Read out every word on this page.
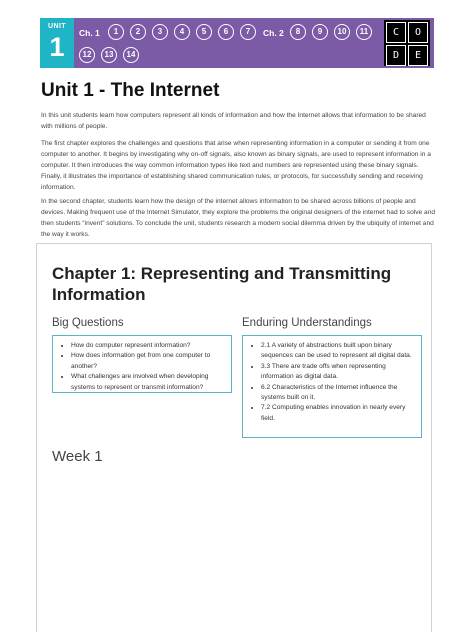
UNIT
1	Ch. 1	1	2	3	4	5	6	7	Ch. 2	8	9	10	11
12	13	14
C	O
D	E
Unit 1 - The Internet

In this unit students learn how computers represent all kinds of information and how the Internet allows that information to be shared with millions of people.

The first chapter explores the challenges and questions that arise when representing information in a computer or sending it from one computer to another. It begins by investigating why on-off signals, also known as binary signals, are used to represent information in a computer. It then introduces the way common information types like text and numbers are represented using these binary signals. Finally, it illustrates the importance of establishing shared communication rules, or protocols, for successfully sending and receiving information.

In the second chapter, students learn how the design of the internet allows information to be shared across billions of people and devices. Making frequent use of the Internet Simulator, they explore the problems the original designers of the internet had to solve and then students “invent” solutions. To conclude the unit, students research a modern social dilemma driven by the ubiquity of internet and the way it works.

Chapter 1: Representing and Transmitting Information
Big Questions
• How do computer represent information?
• How does information get from one computer to another?
• What challenges are involved when developing systems to represent or transmit information?
Enduring Understandings
• 2.1 A variety of abstractions built upon binary sequences can be used to represent all digital data.
• 3.3 There are trade offs when representing information as digital data.
• 6.2 Characteristics of the Internet influence the systems built on it.
• 7.2 Computing enables innovation in nearly every field.
Week 1
